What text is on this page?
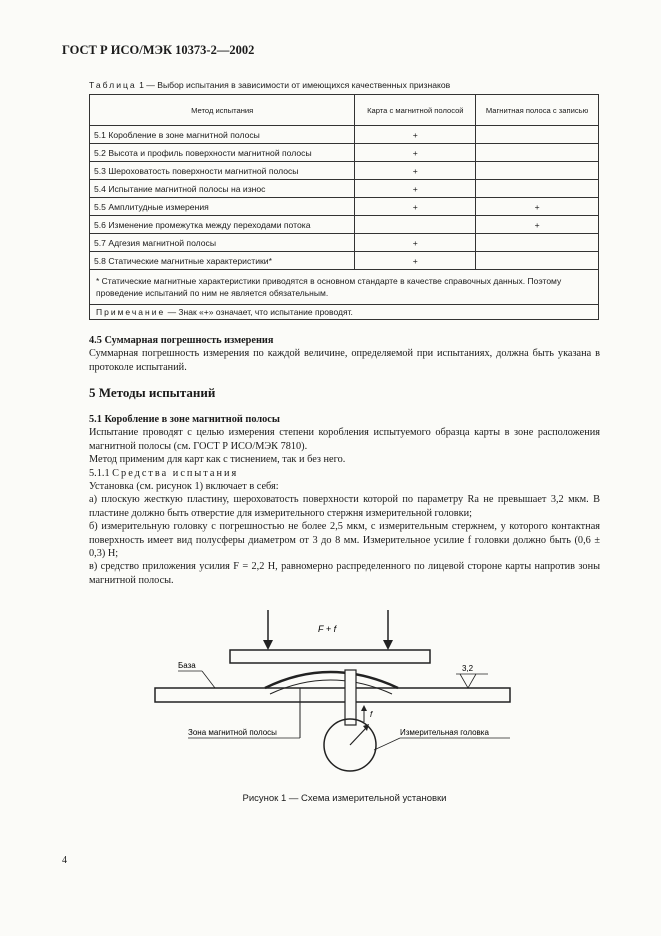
ГОСТ Р ИСО/МЭК 10373-2—2002
Таблица 1 — Выбор испытания в зависимости от имеющихся качественных признаков
Метод испытания	Карта с магнитной полосой	Магнитная полоса с записью
5.1 Коробление в зоне магнитной полосы	+	
5.2 Высота и профиль поверхности магнитной полосы	+	
5.3 Шероховатость поверхности магнитной полосы	+	
5.4 Испытание магнитной полосы на износ	+	
5.5 Амплитудные измерения	+	+
5.6 Изменение промежутка между переходами потока		+
5.7 Адгезия магнитной полосы	+	
5.8 Статические магнитные характеристики*	+	
* Статические магнитные характеристики приводятся в основном стандарте в качестве справочных данных. Поэтому проведение испытаний по ним не является обязательным.		
Примечание — Знак «+» означает, что испытание проводят.		

4.5 Суммарная погрешность измерения

Суммарная погрешность измерения по каждой величине, определяемой при испытаниях, должна быть указана в протоколе испытаний.

5 Методы испытаний

5.1 Коробление в зоне магнитной полосы

Испытание проводят с целью измерения степени коробления испытуемого образца карты в зоне расположения магнитной полосы (см. ГОСТ Р ИСО/МЭК 7810).

Метод применим для карт как с тиснением, так и без него.

5.1.1 Средства испытания

Установка (см. рисунок 1) включает в себя:

а) плоскую жесткую пластину, шероховатость поверхности которой по параметру Ra не превышает 3,2 мкм. В пластине должно быть отверстие для измерительного стержня измерительной головки;

б) измерительную головку с погрешностью не более 2,5 мкм, с измерительным стержнем, у которого контактная поверхность имеет вид полусферы диаметром от 3 до 8 мм. Измерительное усилие f головки должно быть (0,6 ± 0,3) Н;

в) средство приложения усилия F = 2,2 Н, равномерно распределенного по лицевой стороне карты напротив зоны магнитной полосы.

F + f
f
База	3,2
Зона магнитной полосы	Измерительная головка
Рисунок 1 — Схема измерительной установки
4
